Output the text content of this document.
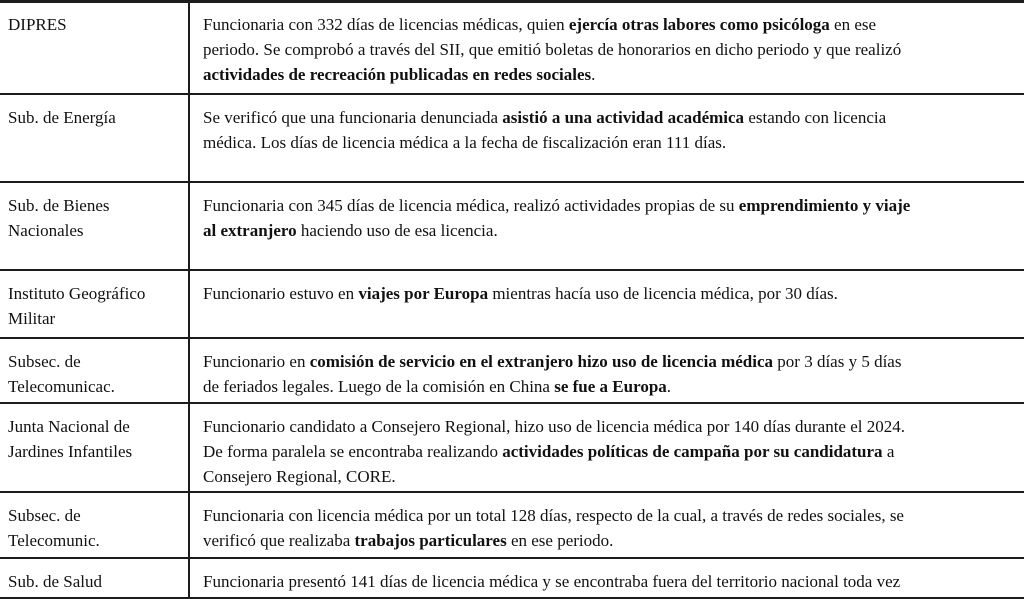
DIPRES	Funcionaria con 332 días de licencias médicas, quien ejercía otras labores como psicóloga en ese
periodo. Se comprobó a través del SII, que emitió boletas de honorarios en dicho periodo y que realizó
actividades de recreación publicadas en redes sociales.

Sub. de Energía	Se verificó que una funcionaria denunciada asistió a una actividad académica estando con licencia
médica. Los días de licencia médica a la fecha de fiscalización eran 111 días.

Sub. de Bienes
Nacionales	Funcionaria con 345 días de licencia médica, realizó actividades propias de su emprendimiento y viaje
al extranjero haciendo uso de esa licencia.

Instituto Geográfico
Militar	Funcionario estuvo en viajes por Europa mientras hacía uso de licencia médica, por 30 días.

Subsec. de
Telecomunicac.	Funcionario en comisión de servicio en el extranjero hizo uso de licencia médica por 3 días y 5 días
de feriados legales. Luego de la comisión en China se fue a Europa.

Junta Nacional de
Jardines Infantiles	Funcionario candidato a Consejero Regional, hizo uso de licencia médica por 140 días durante el 2024.
De forma paralela se encontraba realizando actividades políticas de campaña por su candidatura a
Consejero Regional, CORE.

Subsec. de
Telecomunic.	Funcionaria con licencia médica por un total 128 días, respecto de la cual, a través de redes sociales, se
verificó que realizaba trabajos particulares en ese periodo.

Sub. de Salud	Funcionaria presentó 141 días de licencia médica y se encontraba fuera del territorio nacional toda vez
